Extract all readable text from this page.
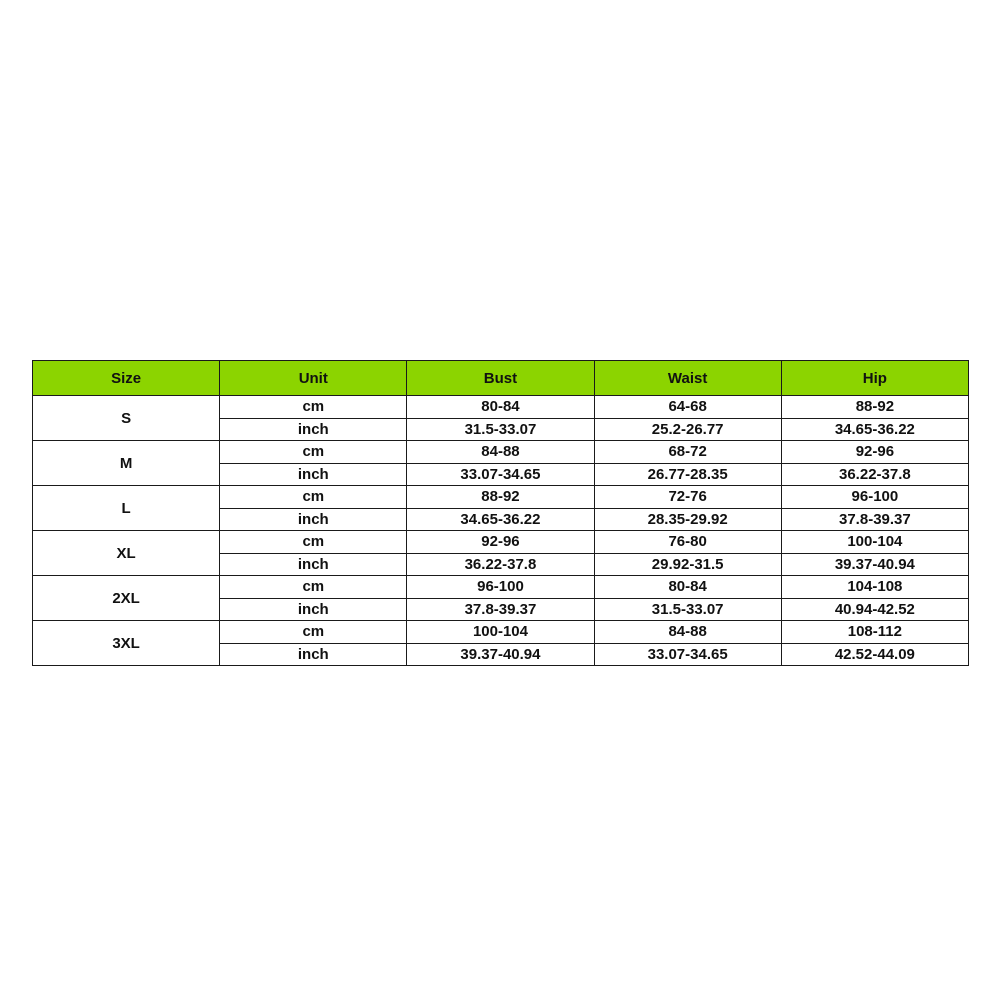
Size	Unit	Bust	Waist	Hip
S	cm	80-84	64-68	88-92
	inch	31.5-33.07	25.2-26.77	34.65-36.22
M	cm	84-88	68-72	92-96
	inch	33.07-34.65	26.77-28.35	36.22-37.8
L	cm	88-92	72-76	96-100
	inch	34.65-36.22	28.35-29.92	37.8-39.37
XL	cm	92-96	76-80	100-104
	inch	36.22-37.8	29.92-31.5	39.37-40.94
2XL	cm	96-100	80-84	104-108
	inch	37.8-39.37	31.5-33.07	40.94-42.52
3XL	cm	100-104	84-88	108-112
	inch	39.37-40.94	33.07-34.65	42.52-44.09
